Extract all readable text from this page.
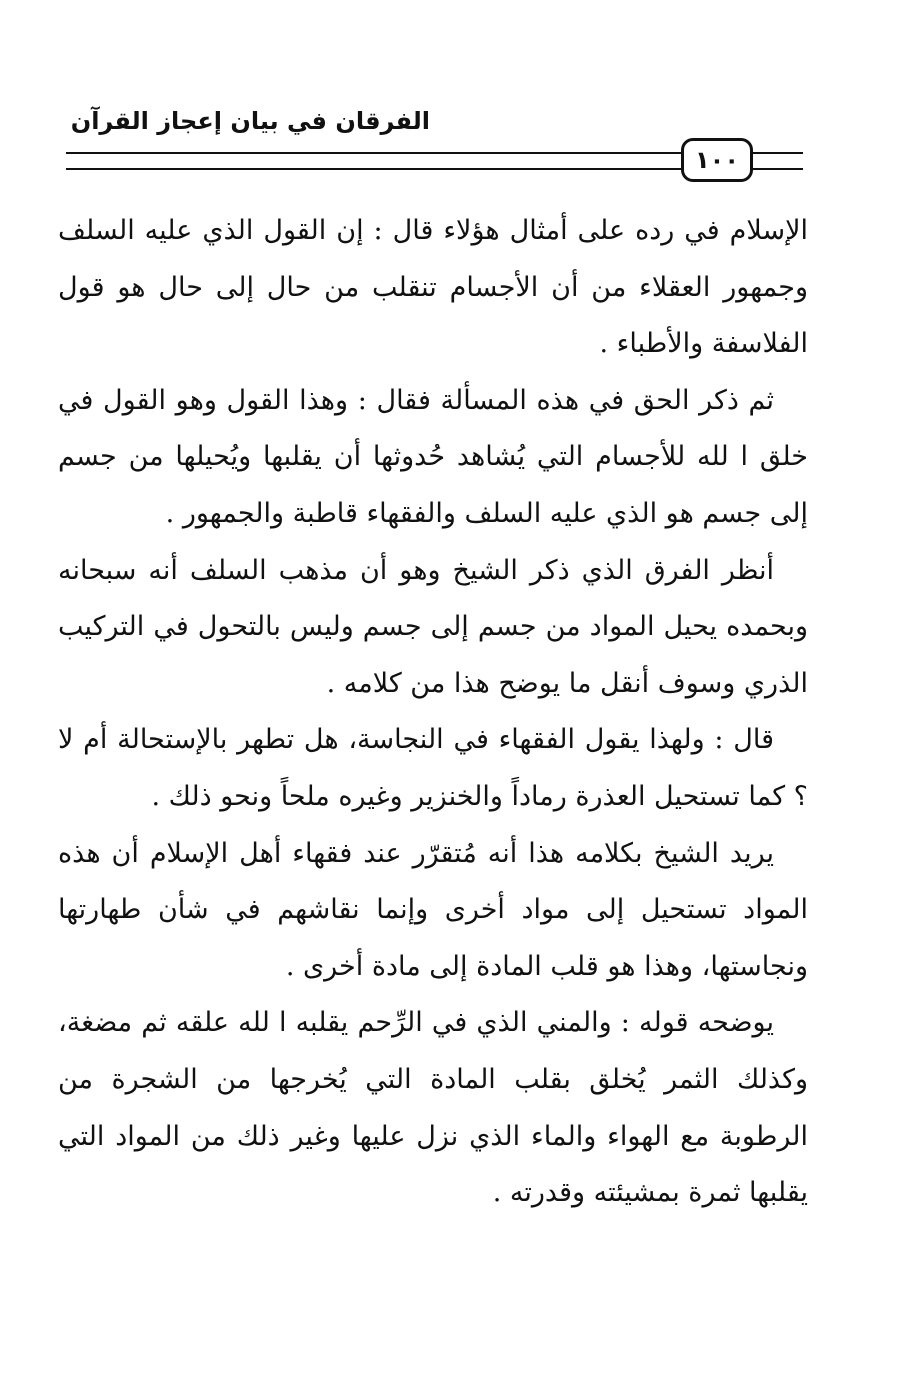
الفرقان في بيان إعجاز القرآن
١٠٠

الإسلام في رده على أمثال هؤلاء قال : إن القول الذي عليه السلف وجمهور العقلاء من أن الأجسام تنقلب من حال إلى حال هو قول الفلاسفة والأطباء .

ثم ذكر الحق في هذه المسألة فقال : وهذا القول وهو القول في خلق ا لله للأجسام التي يُشاهد حُدوثها أن يقلبها ويُحيلها من جسم إلى جسم هو الذي عليه السلف والفقهاء قاطبة والجمهور .

أنظر الفرق الذي ذكر الشيخ وهو أن مذهب السلف أنه سبحانه وبحمده يحيل المواد من جسم إلى جسم وليس بالتحول في التركيب الذري وسوف أنقل ما يوضح هذا من كلامه .

قال : ولهذا يقول الفقهاء في النجاسة، هل تطهر بالإستحالة أم لا ؟ كما تستحيل العذرة رماداً والخنزير وغيره ملحاً ونحو ذلك .

يريد الشيخ بكلامه هذا أنه مُتقرّر عند فقهاء أهل الإسلام أن هذه المواد تستحيل إلى مواد أخرى وإنما نقاشهم في شأن طهارتها ونجاستها، وهذا هو قلب المادة إلى مادة أخرى .

يوضحه قوله : والمني الذي في الرِّحم يقلبه ا لله علقه ثم مضغة، وكذلك الثمر يُخلق بقلب المادة التي يُخرجها من الشجرة من الرطوبة مع الهواء والماء الذي نزل عليها وغير ذلك من المواد التي يقلبها ثمرة بمشيئته وقدرته .
